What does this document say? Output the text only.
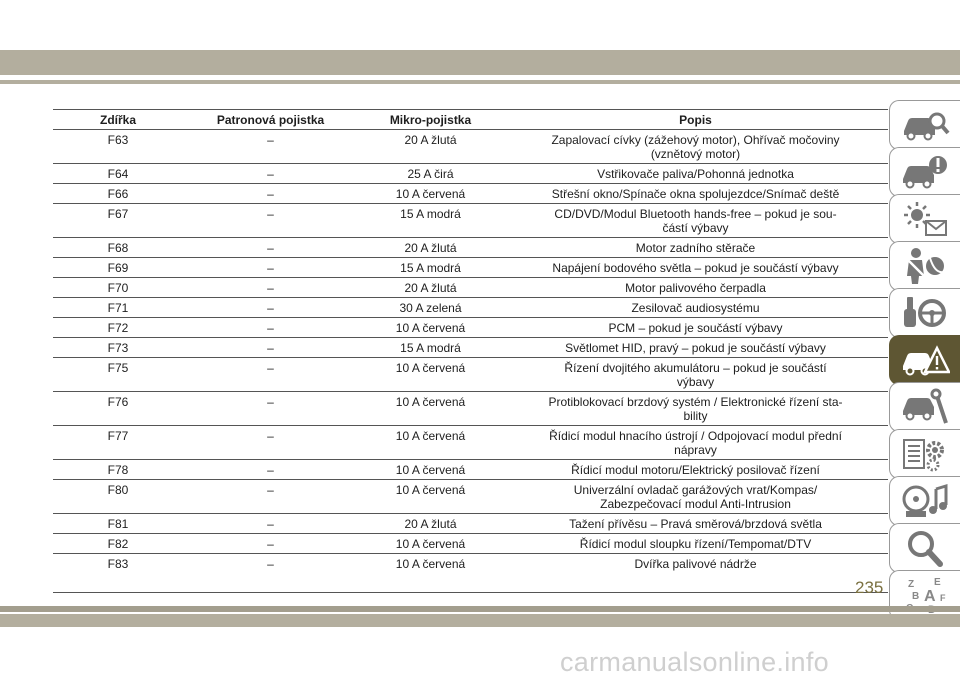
Zdířka	Patronová pojistka	Mikro-pojistka	Popis
F63	–	20 A žlutá	Zapalovací cívky (zážehový motor), Ohřívač močoviny
(vznětový motor)
F64	–	25 A čirá	Vstřikovače paliva/Pohonná jednotka
F66	–	10 A červená	Střešní okno/Spínače okna spolujezdce/Snímač deště
F67	–	15 A modrá	CD/DVD/Modul Bluetooth hands-free – pokud je sou-
částí výbavy
F68	–	20 A žlutá	Motor zadního stěrače
F69	–	15 A modrá	Napájení bodového světla – pokud je součástí výbavy
F70	–	20 A žlutá	Motor palivového čerpadla
F71	–	30 A zelená	Zesilovač audiosystému
F72	–	10 A červená	PCM – pokud je součástí výbavy
F73	–	15 A modrá	Světlomet HID, pravý – pokud je součástí výbavy
F75	–	10 A červená	Řízení dvojitého akumulátoru – pokud je součástí
výbavy
F76	–	10 A červená	Protiblokovací brzdový systém / Elektronické řízení sta-
bility
F77	–	10 A červená	Řídicí modul hnacího ústrojí / Odpojovací modul přední
nápravy
F78	–	10 A červená	Řídicí modul motoru/Elektrický posilovač řízení
F80	–	10 A červená	Univerzální ovladač garážových vrat/Kompas/
Zabezpečovací modul Anti-Intrusion
F81	–	20 A žlutá	Tažení přívěsu – Pravá směrová/brzdová světla
F82	–	10 A červená	Řídicí modul sloupku řízení/Tempomat/DTV
F83	–	10 A červená	Dvířka palivové nádrže
Z E
B A F
235
carmanualsonline.info
